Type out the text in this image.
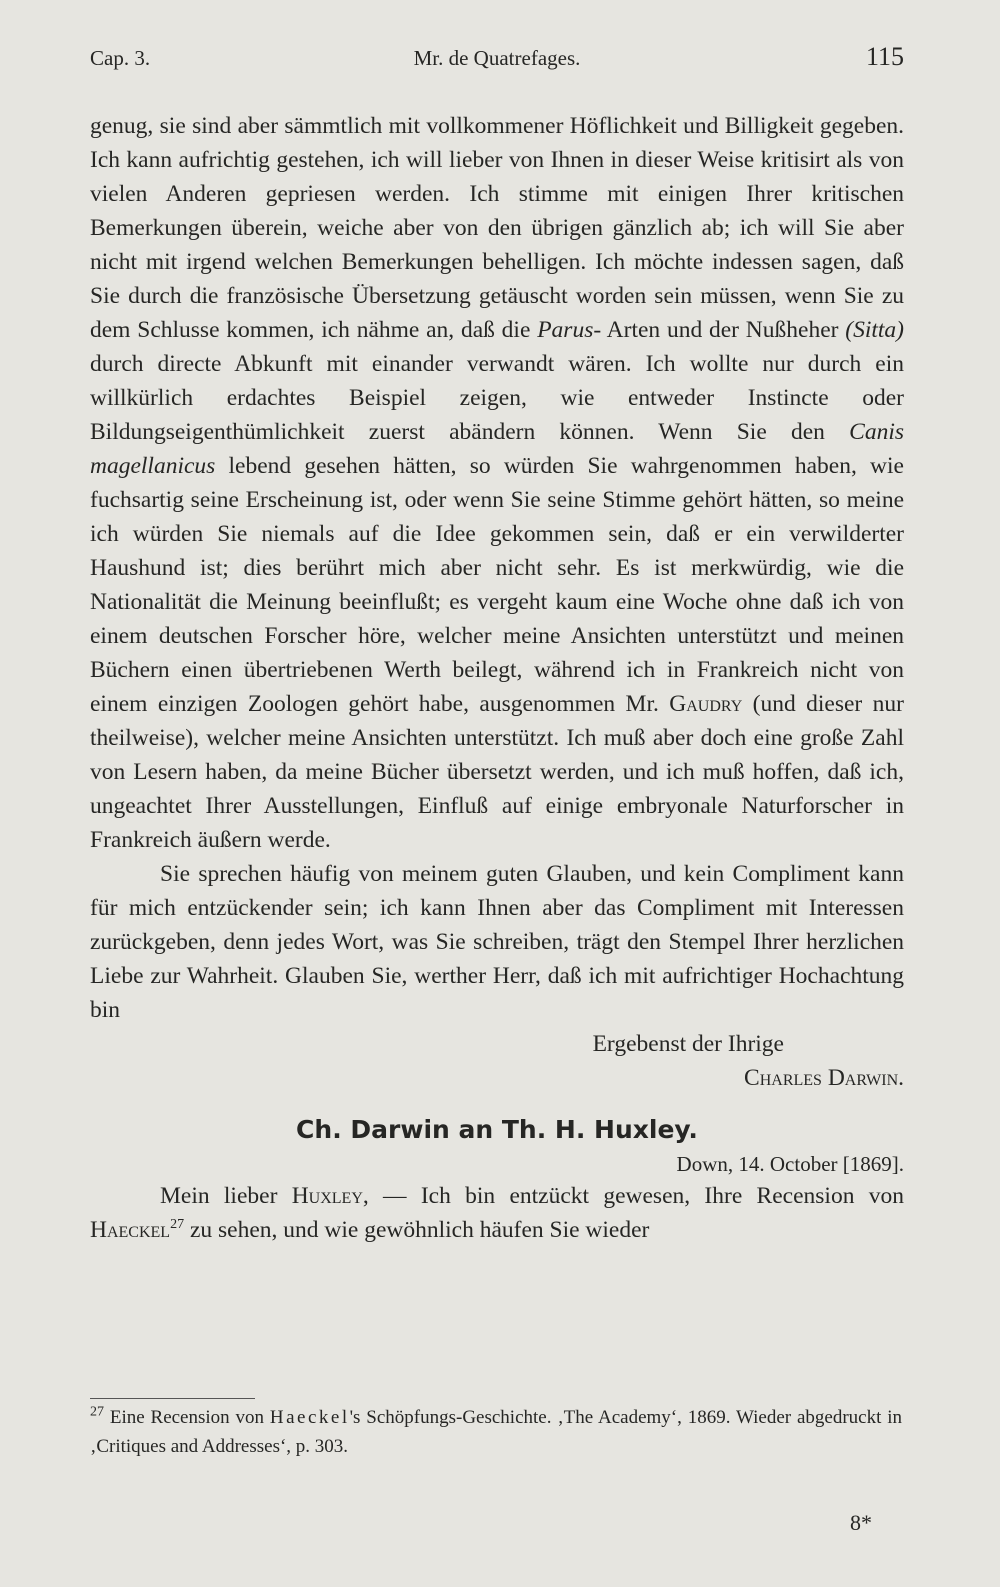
Cap. 3.	Mr. de Quatrefages.	115

genug, sie sind aber sämmtlich mit vollkommener Höflichkeit und Billigkeit gegeben. Ich kann aufrichtig gestehen, ich will lieber von Ihnen in dieser Weise kritisirt als von vielen Anderen gepriesen werden. Ich stimme mit einigen Ihrer kritischen Bemerkungen überein, weiche aber von den übrigen gänzlich ab; ich will Sie aber nicht mit irgend welchen Bemerkungen behelligen. Ich möchte indessen sagen, daß Sie durch die französische Übersetzung getäuscht worden sein müssen, wenn Sie zu dem Schlusse kommen, ich nähme an, daß die Parus- Arten und der Nußheher (Sitta) durch directe Abkunft mit einander verwandt wären. Ich wollte nur durch ein willkürlich erdachtes Beispiel zeigen, wie entweder Instincte oder Bildungseigenthümlichkeit zuerst abändern können. Wenn Sie den Canis magellanicus lebend gesehen hätten, so würden Sie wahrgenommen haben, wie fuchsartig seine Erscheinung ist, oder wenn Sie seine Stimme gehört hätten, so meine ich würden Sie niemals auf die Idee gekommen sein, daß er ein verwilderter Haushund ist; dies berührt mich aber nicht sehr. Es ist merkwürdig, wie die Nationalität die Meinung beeinflußt; es vergeht kaum eine Woche ohne daß ich von einem deutschen Forscher höre, welcher meine Ansichten unterstützt und meinen Büchern einen übertriebenen Werth beilegt, während ich in Frankreich nicht von einem einzigen Zoologen gehört habe, ausgenommen Mr. Gaudry (und dieser nur theilweise), welcher meine Ansichten unterstützt. Ich muß aber doch eine große Zahl von Lesern haben, da meine Bücher übersetzt werden, und ich muß hoffen, daß ich, ungeachtet Ihrer Ausstellungen, Einfluß auf einige embryonale Naturforscher in Frankreich äußern werde.

Sie sprechen häufig von meinem guten Glauben, und kein Compliment kann für mich entzückender sein; ich kann Ihnen aber das Compliment mit Interessen zurückgeben, denn jedes Wort, was Sie schreiben, trägt den Stempel Ihrer herzlichen Liebe zur Wahrheit. Glauben Sie, werther Herr, daß ich mit aufrichtiger Hochachtung bin

Ergebenst der Ihrige

Charles Darwin.

Ch. Darwin an Th. H. Huxley.

Down, 14. October [1869].

Mein lieber Huxley, — Ich bin entzückt gewesen, Ihre Recension von Haeckel$^{27}$ zu sehen, und wie gewöhnlich häufen Sie wieder

$^{27}$ Eine Recension von Haeckel's Schöpfungs-Geschichte. ‚The Academy‘, 1869. Wieder abgedruckt in ‚Critiques and Addresses‘, p. 303.

8*
